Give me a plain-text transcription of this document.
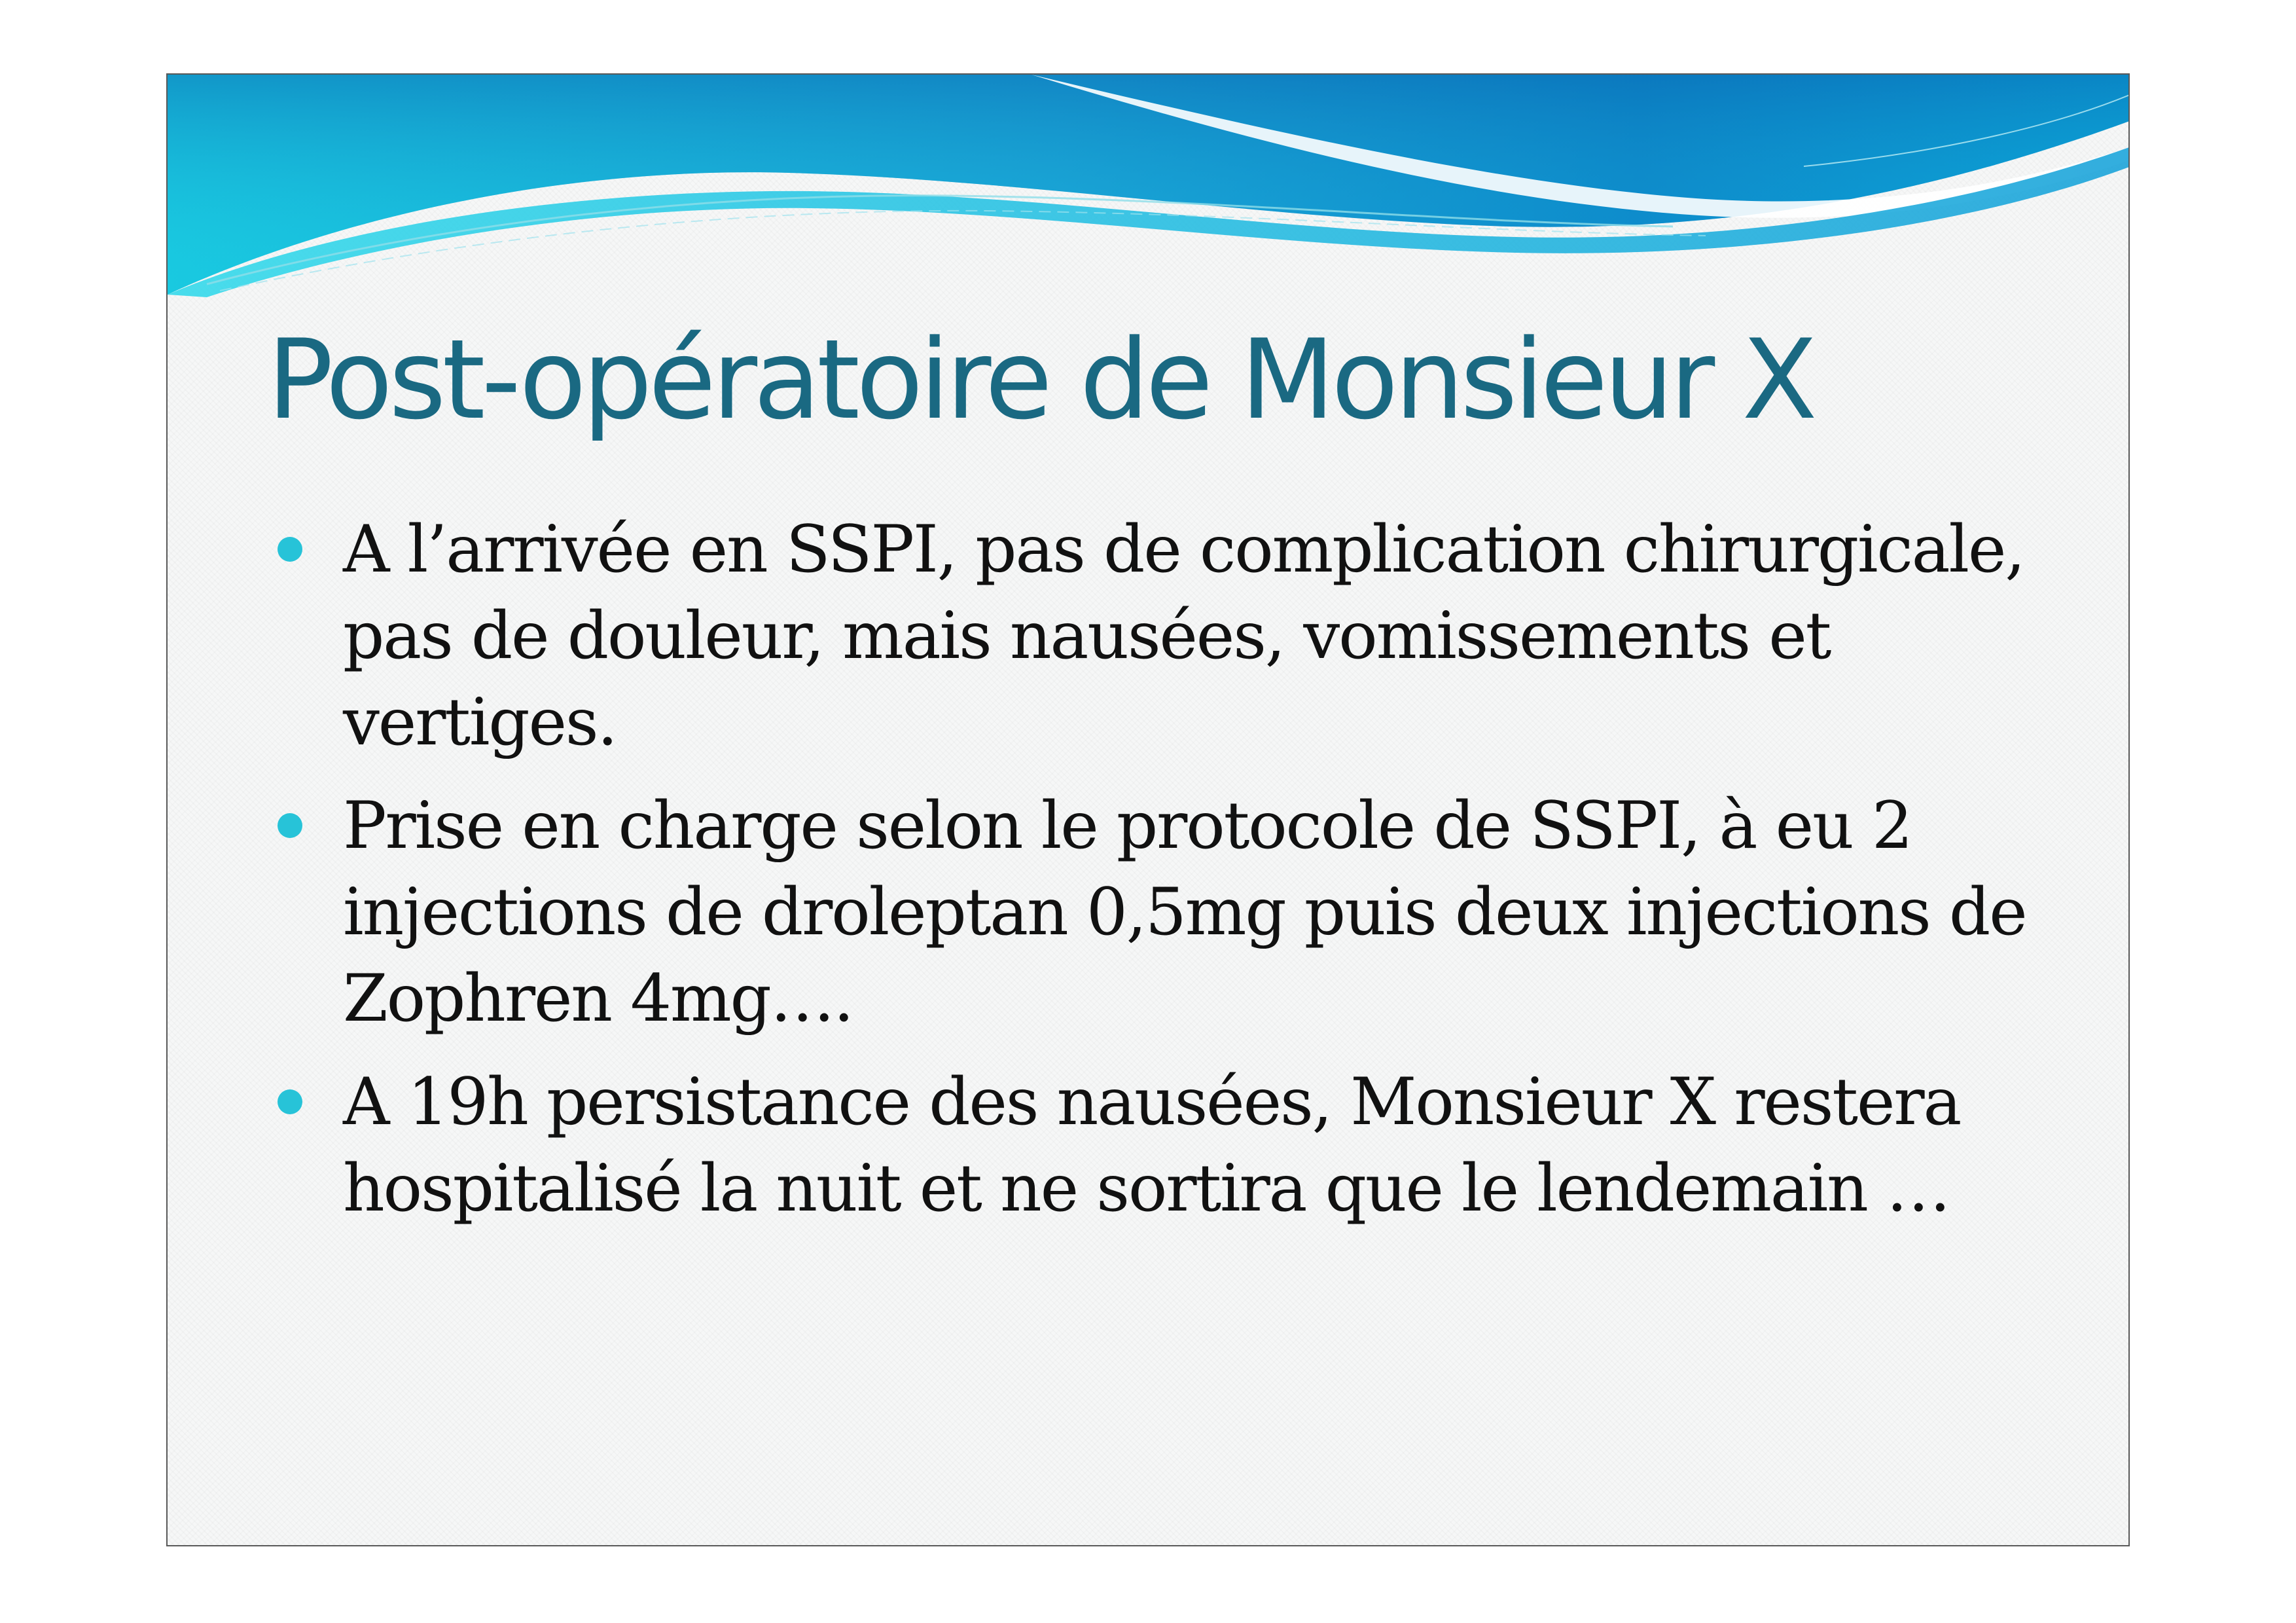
Post-opératoire de Monsieur X
A l’arrivée en SSPI, pas de complication chirurgicale, pas de douleur, mais nausées, vomissements et vertiges.
Prise en charge selon le protocole de SSPI, à eu 2 injections de droleptan 0,5mg puis deux injections de Zophren 4mg….
A 19h persistance des nausées, Monsieur X restera hospitalisé la nuit et ne sortira que le lendemain …
